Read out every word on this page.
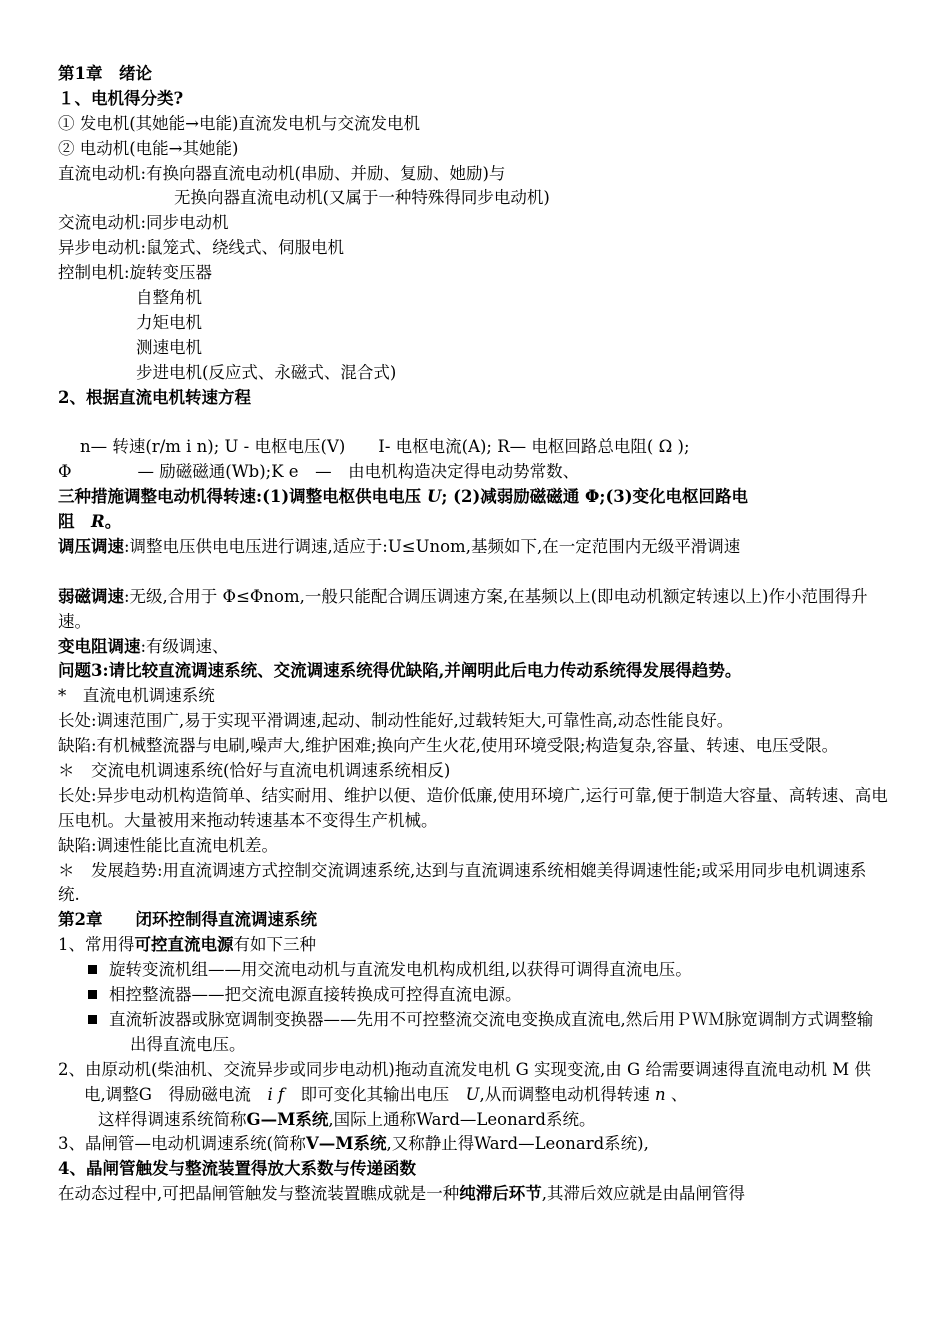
第1章　绪论
１、电机得分类?
① 发电机(其她能→电能)直流发电机与交流发电机
② 电动机(电能→其她能)
直流电动机:有换向器直流电动机(串励、并励、复励、她励)与
无换向器直流电动机(又属于一种特殊得同步电动机)
交流电动机:同步电动机
异步电动机:鼠笼式、绕线式、伺服电机
控制电机:旋转变压器
自整角机
力矩电机
测速电机
步进电机(反应式、永磁式、混合式)
2、根据直流电机转速方程
n— 转速(r/m i n); U - 电枢电压(V)　　I- 电枢电流(A); R— 电枢回路总电阻( Ω );
Φ　　　　— 励磁磁通(Wb);K e　—　由电机构造决定得电动势常数、
三种措施调整电动机得转速:(1)调整电枢供电电压 U; (2)减弱励磁磁通 Φ;(3)变化电枢回路电
阻　R。
调压调速:调整电压供电电压进行调速,适应于:U≤Unom,基频如下,在一定范围内无级平滑调速
弱磁调速:无级,合用于 Φ≤Φnom,一般只能配合调压调速方案,在基频以上(即电动机额定转速以上)作小范围得升速。
变电阻调速:有级调速、
问题3:请比较直流调速系统、交流调速系统得优缺陷,并阐明此后电力传动系统得发展得趋势。
*　直流电机调速系统
长处:调速范围广,易于实现平滑调速,起动、制动性能好,过载转矩大,可靠性高,动态性能良好。
缺陷:有机械整流器与电刷,噪声大,维护困难;换向产生火花,使用环境受限;构造复杂,容量、转速、电压受限。
＊　交流电机调速系统(恰好与直流电机调速系统相反)
长处:异步电动机构造简单、结实耐用、维护以便、造价低廉,使用环境广,运行可靠,便于制造大容量、高转速、高电压电机。大量被用来拖动转速基本不变得生产机械。
缺陷:调速性能比直流电机差。
＊　发展趋势:用直流调速方式控制交流调速系统,达到与直流调速系统相媲美得调速性能;或采用同步电机调速系统.
第2章　　闭环控制得直流调速系统
1、常用得可控直流电源有如下三种
旋转变流机组——用交流电动机与直流发电机构成机组,以获得可调得直流电压。
相控整流器——把交流电源直接转换成可控得直流电源。
直流斩波器或脉宽调制变换器——先用不可控整流交流电变换成直流电,然后用ＰＷＭ脉宽调制方式调整输出得直流电压。
2、由原动机(柴油机、交流异步或同步电动机)拖动直流发电机 G 实现变流,由 G 给需要调速得直流电动机 M 供电,调整G　得励磁电流　i f　即可变化其输出电压　U,从而调整电动机得转速 n 、
这样得调速系统简称G—M系统,国际上通称Ward—Leonard系统。
3、晶闸管—电动机调速系统(简称V—M系统,又称静止得Ward—Leonard系统),
4、晶闸管触发与整流装置得放大系数与传递函数
在动态过程中,可把晶闸管触发与整流装置瞧成就是一种纯滞后环节,其滞后效应就是由晶闸管得
